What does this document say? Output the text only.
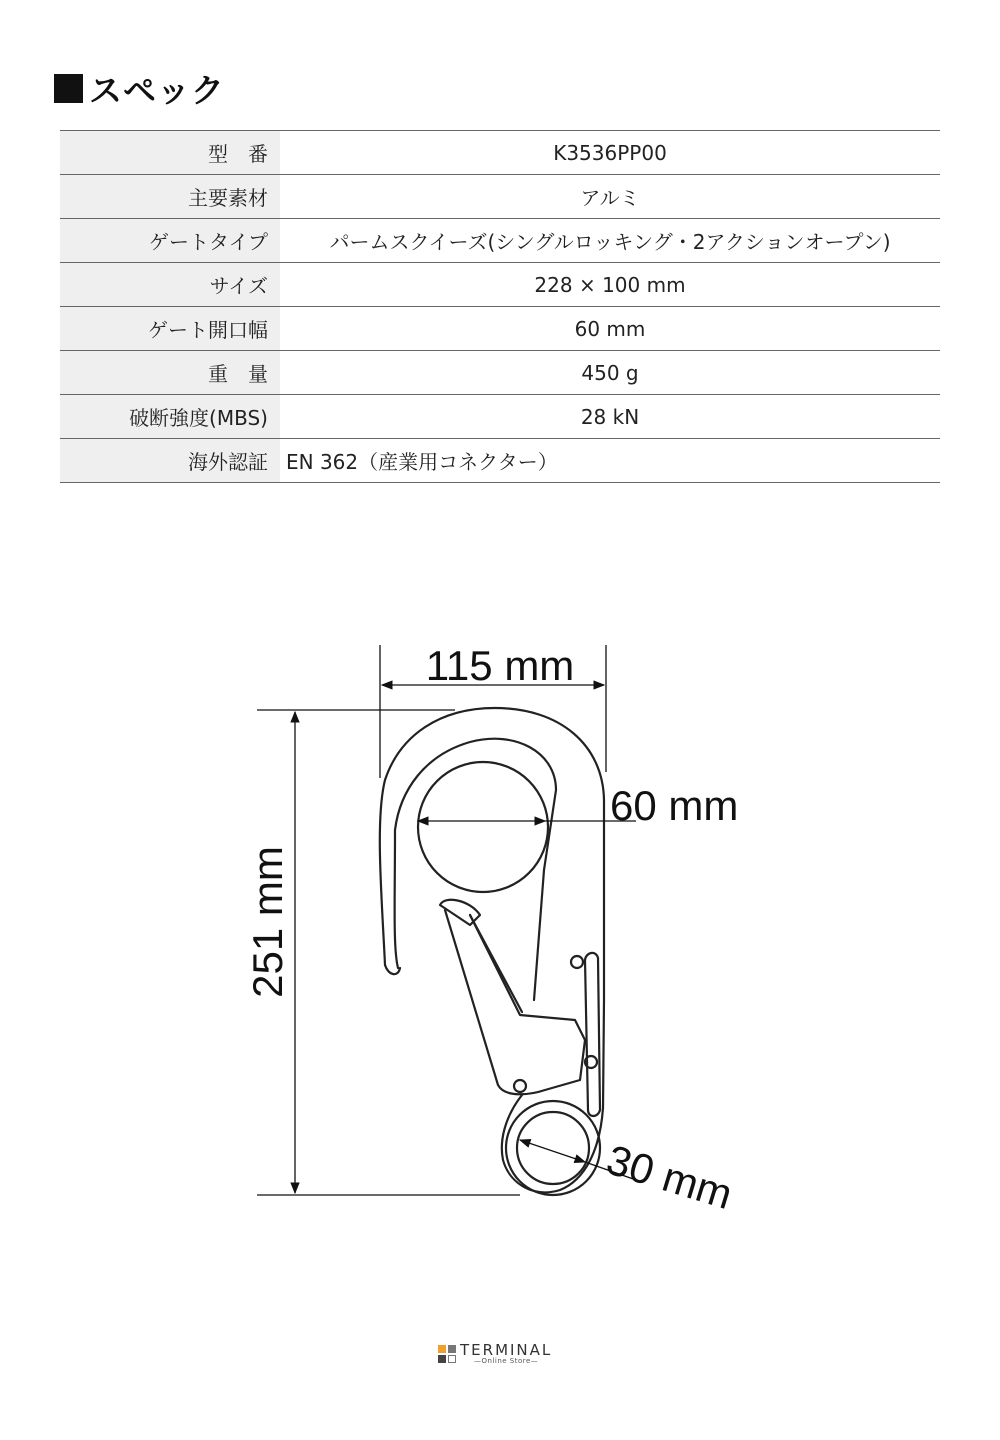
スペック
型　番	K3536PP00
主要素材	アルミ
ゲートタイプ	パームスクイーズ(シングルロッキング・2アクションオープン)
サイズ	228 × 100 mm
ゲート開口幅	60 mm
重　量	450 g
破断強度(MBS)	28 kN
海外認証	EN 362（産業用コネクター）
115 mm
60 mm
251 mm
30 mm
TERMINAL
—Online Store—
